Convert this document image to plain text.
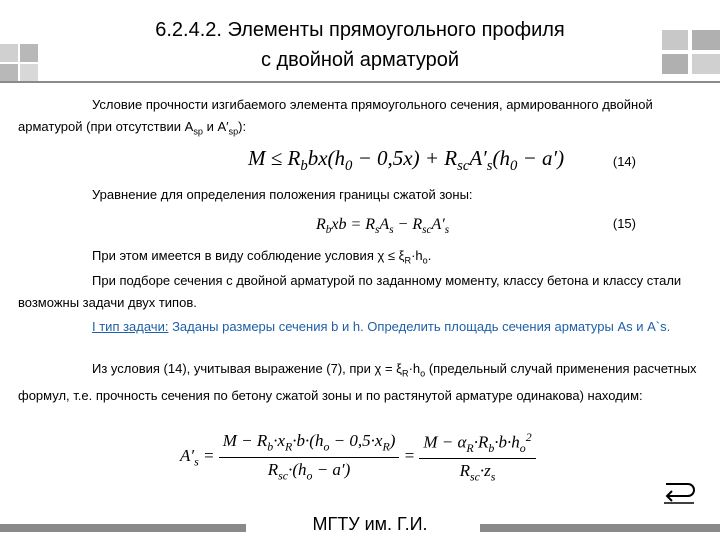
6.2.4.2. Элементы прямоугольного профиля
с двойной арматурой
Условие прочности изгибаемого элемента прямоугольного сечения, армированного двойной арматурой (при отсутствии $A_{sp}$ и $A'_{sp}$):
$M \le R_bbx(h_0 - 0,5x) + R_{sc}A'_s(h_0 - a')$	(14)
Уравнение для определения положения границы сжатой зоны:
$R_bxb = R_sA_s - R_{sc}A'_s$	(15)
При этом имеется в виду соблюдение условия $\chi \le \xi_R\cdot h_o$.
При подборе сечения с двойной арматурой по заданному моменту, классу бетона и классу стали возможны задачи двух типов.
I тип задачи: Заданы размеры сечения b и h. Определить площадь сечения арматуры As и A`s.
Из условия (14), учитывая выражение (7), при $\chi = \xi_R\cdot h_o$ (предельный случай применения расчетных формул, т.е. прочность сечения по бетону сжатой зоны и по растянутой арматуре одинакова) находим:
$A'_s = \frac{M - R_b\cdot x_R\cdot b\cdot(h_o - 0,5\cdot x_R)}{R_{sc}\cdot(h_o - a')} = \frac{M - \alpha_R\cdot R_b\cdot b\cdot h_o^2}{R_{sc}\cdot z_s}$
МГТУ им. Г.И.
